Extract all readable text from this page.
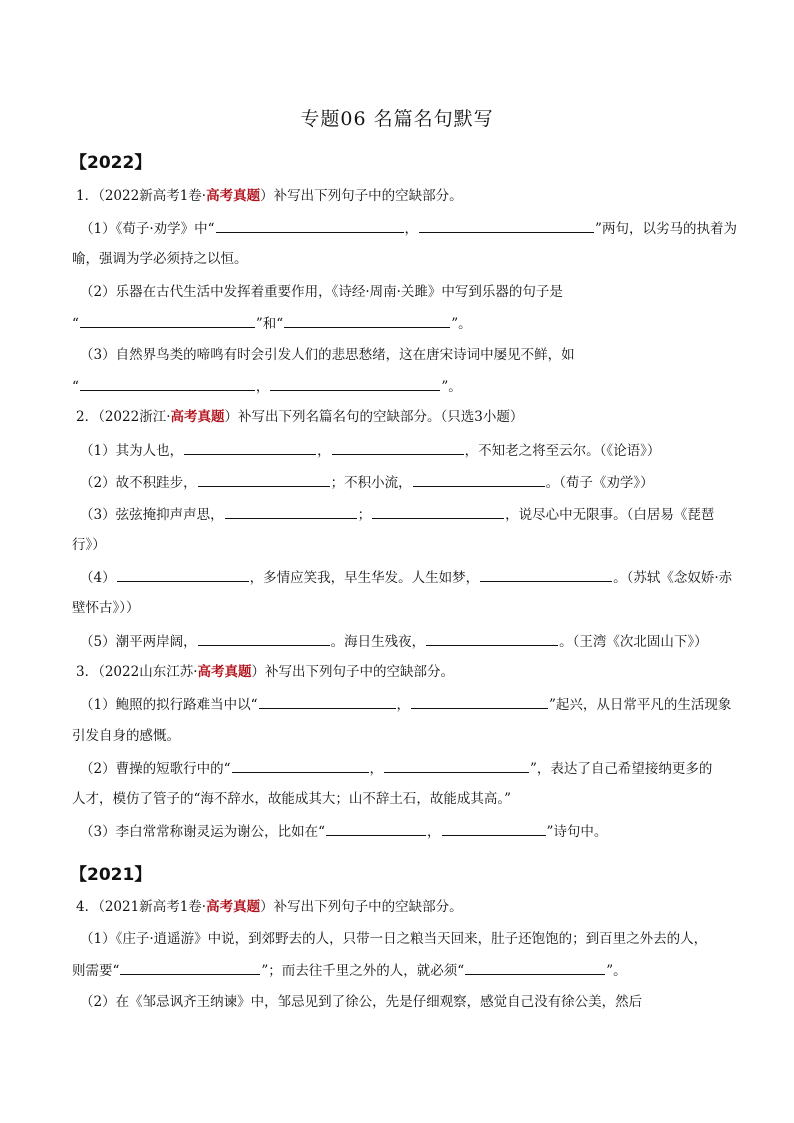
专题06 名篇名句默写
【2022】
1．（2022新高考1卷·高考真题）补写出下列句子中的空缺部分。
（1）《荀子·劝学》中“	，	”两句，以劣马的执着为
喻，强调为学必须持之以恒。
（2）乐器在古代生活中发挥着重要作用，《诗经·周南·关雎》中写到乐器的句子是
“	”和“	”。
（3）自然界鸟类的啼鸣有时会引发人们的悲思愁绪，这在唐宋诗词中屡见不鲜，如
“	，	”。
2．（2022浙江·高考真题）补写出下列名篇名句的空缺部分。（只选3小题）
（1）其为人也，	，	，不知老之将至云尔。（《论语》）
（2）故不积跬步，	；不积小流，	。（荀子《劝学》）
（3）弦弦掩抑声声思，	；	，说尽心中无限事。（白居易《琵琶
行》）
（4）	，多情应笑我，早生华发。人生如梦，	。（苏轼《念奴娇·赤
壁怀古》））
（5）潮平两岸阔，	。海日生残夜，	。（王湾《次北固山下》）
3．（2022山东江苏·高考真题）补写出下列句子中的空缺部分。
（1）鲍照的拟行路难当中以“	，	”起兴，从日常平凡的生活现象
引发自身的感慨。
（2）曹操的短歌行中的“	，	”，表达了自己希望接纳更多的
人才，模仿了管子的“海不辞水，故能成其大；山不辞土石，故能成其高。”
（3）李白常常称谢灵运为谢公，比如在“	，	”诗句中。
【2021】
4．（2021新高考1卷·高考真题）补写出下列句子中的空缺部分。
（1）《庄子·逍遥游》中说，到郊野去的人，只带一日之粮当天回来，肚子还饱饱的；到百里之外去的人，
则需要“	”；而去往千里之外的人，就必须“	”。
（2）在《邹忌讽齐王纳谏》中，邹忌见到了徐公，先是仔细观察，感觉自己没有徐公美，然后
